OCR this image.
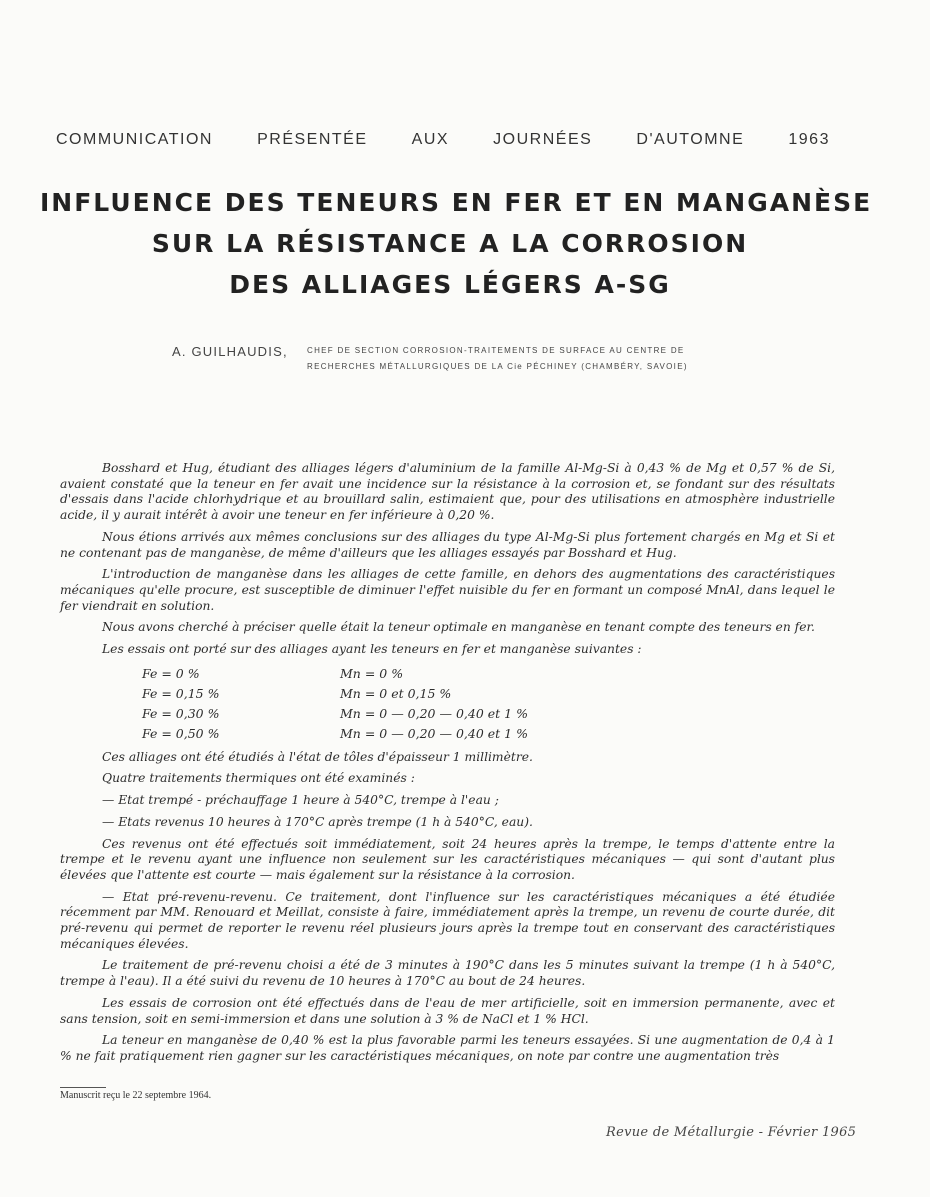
COMMUNICATION	PRÉSENTÉE	AUX	JOURNÉES	D'AUTOMNE	1963
INFLUENCE DES TENEURS EN FER ET EN MANGANÈSE
SUR LA RÉSISTANCE A LA CORROSION
DES ALLIAGES LÉGERS A-SG
A. GUILHAUDIS, CHEF DE SECTION CORROSION-TRAITEMENTS DE SURFACE AU CENTRE DE
RECHERCHES MÉTALLURGIQUES DE LA Cie PÉCHINEY (CHAMBÉRY, SAVOIE)

Bosshard et Hug, étudiant des alliages légers d'aluminium de la famille Al-Mg-Si à 0,43 % de Mg et 0,57 % de Si, avaient constaté que la teneur en fer avait une incidence sur la résistance à la corrosion et, se fondant sur des résultats d'essais dans l'acide chlorhydrique et au brouillard salin, estimaient que, pour des utilisations en atmosphère industrielle acide, il y aurait intérêt à avoir une teneur en fer inférieure à 0,20 %.

Nous étions arrivés aux mêmes conclusions sur des alliages du type Al-Mg-Si plus fortement chargés en Mg et Si et ne contenant pas de manganèse, de même d'ailleurs que les alliages essayés par Bosshard et Hug.

L'introduction de manganèse dans les alliages de cette famille, en dehors des augmentations des caractéristiques mécaniques qu'elle procure, est susceptible de diminuer l'effet nuisible du fer en formant un composé MnAl, dans lequel le fer viendrait en solution.

Nous avons cherché à préciser quelle était la teneur optimale en manganèse en tenant compte des teneurs en fer.

Les essais ont porté sur des alliages ayant les teneurs en fer et manganèse suivantes :

Fe = 0 %	Mn = 0 %
Fe = 0,15 %	Mn = 0 et 0,15 %
Fe = 0,30 %	Mn = 0 — 0,20 — 0,40 et 1 %
Fe = 0,50 %	Mn = 0 — 0,20 — 0,40 et 1 %

Ces alliages ont été étudiés à l'état de tôles d'épaisseur 1 millimètre.

Quatre traitements thermiques ont été examinés :

— Etat trempé - préchauffage 1 heure à 540°C, trempe à l'eau ;

— Etats revenus 10 heures à 170°C après trempe (1 h à 540°C, eau).

Ces revenus ont été effectués soit immédiatement, soit 24 heures après la trempe, le temps d'attente entre la trempe et le revenu ayant une influence non seulement sur les caractéristiques mécaniques — qui sont d'autant plus élevées que l'attente est courte — mais également sur la résistance à la corrosion.

— Etat pré-revenu-revenu. Ce traitement, dont l'influence sur les caractéristiques mécaniques a été étudiée récemment par MM. Renouard et Meillat, consiste à faire, immédiatement après la trempe, un revenu de courte durée, dit pré-revenu qui permet de reporter le revenu réel plusieurs jours après la trempe tout en conservant des caractéristiques mécaniques élevées.

Le traitement de pré-revenu choisi a été de 3 minutes à 190°C dans les 5 minutes suivant la trempe (1 h à 540°C, trempe à l'eau). Il a été suivi du revenu de 10 heures à 170°C au bout de 24 heures.

Les essais de corrosion ont été effectués dans de l'eau de mer artificielle, soit en immersion permanente, avec et sans tension, soit en semi-immersion et dans une solution à 3 % de NaCl et 1 % HCl.

La teneur en manganèse de 0,40 % est la plus favorable parmi les teneurs essayées. Si une augmentation de 0,4 à 1 % ne fait pratiquement rien gagner sur les caractéristiques mécaniques, on note par contre une augmentation très

Manuscrit reçu le 22 septembre 1964.
Revue de Métallurgie - Février 1965
